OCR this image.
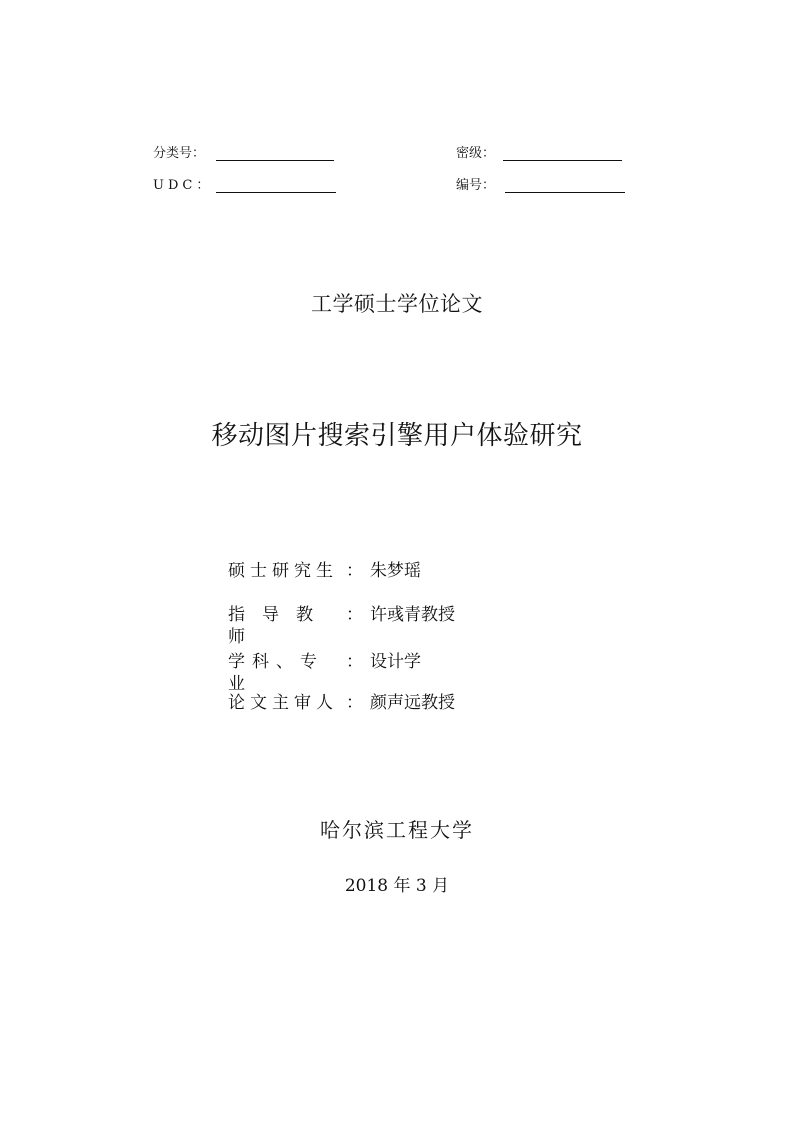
分类号：	密级：
UDC：	编号：
工学硕士学位论文
移动图片搜索引擎用户体验研究
硕士研究生 ： 朱梦瑶
指导教师
： 许彧青教授
学科、专业
： 设计学
论文主审人 ： 颜声远教授
哈尔滨工程大学
2018 年 3 月
